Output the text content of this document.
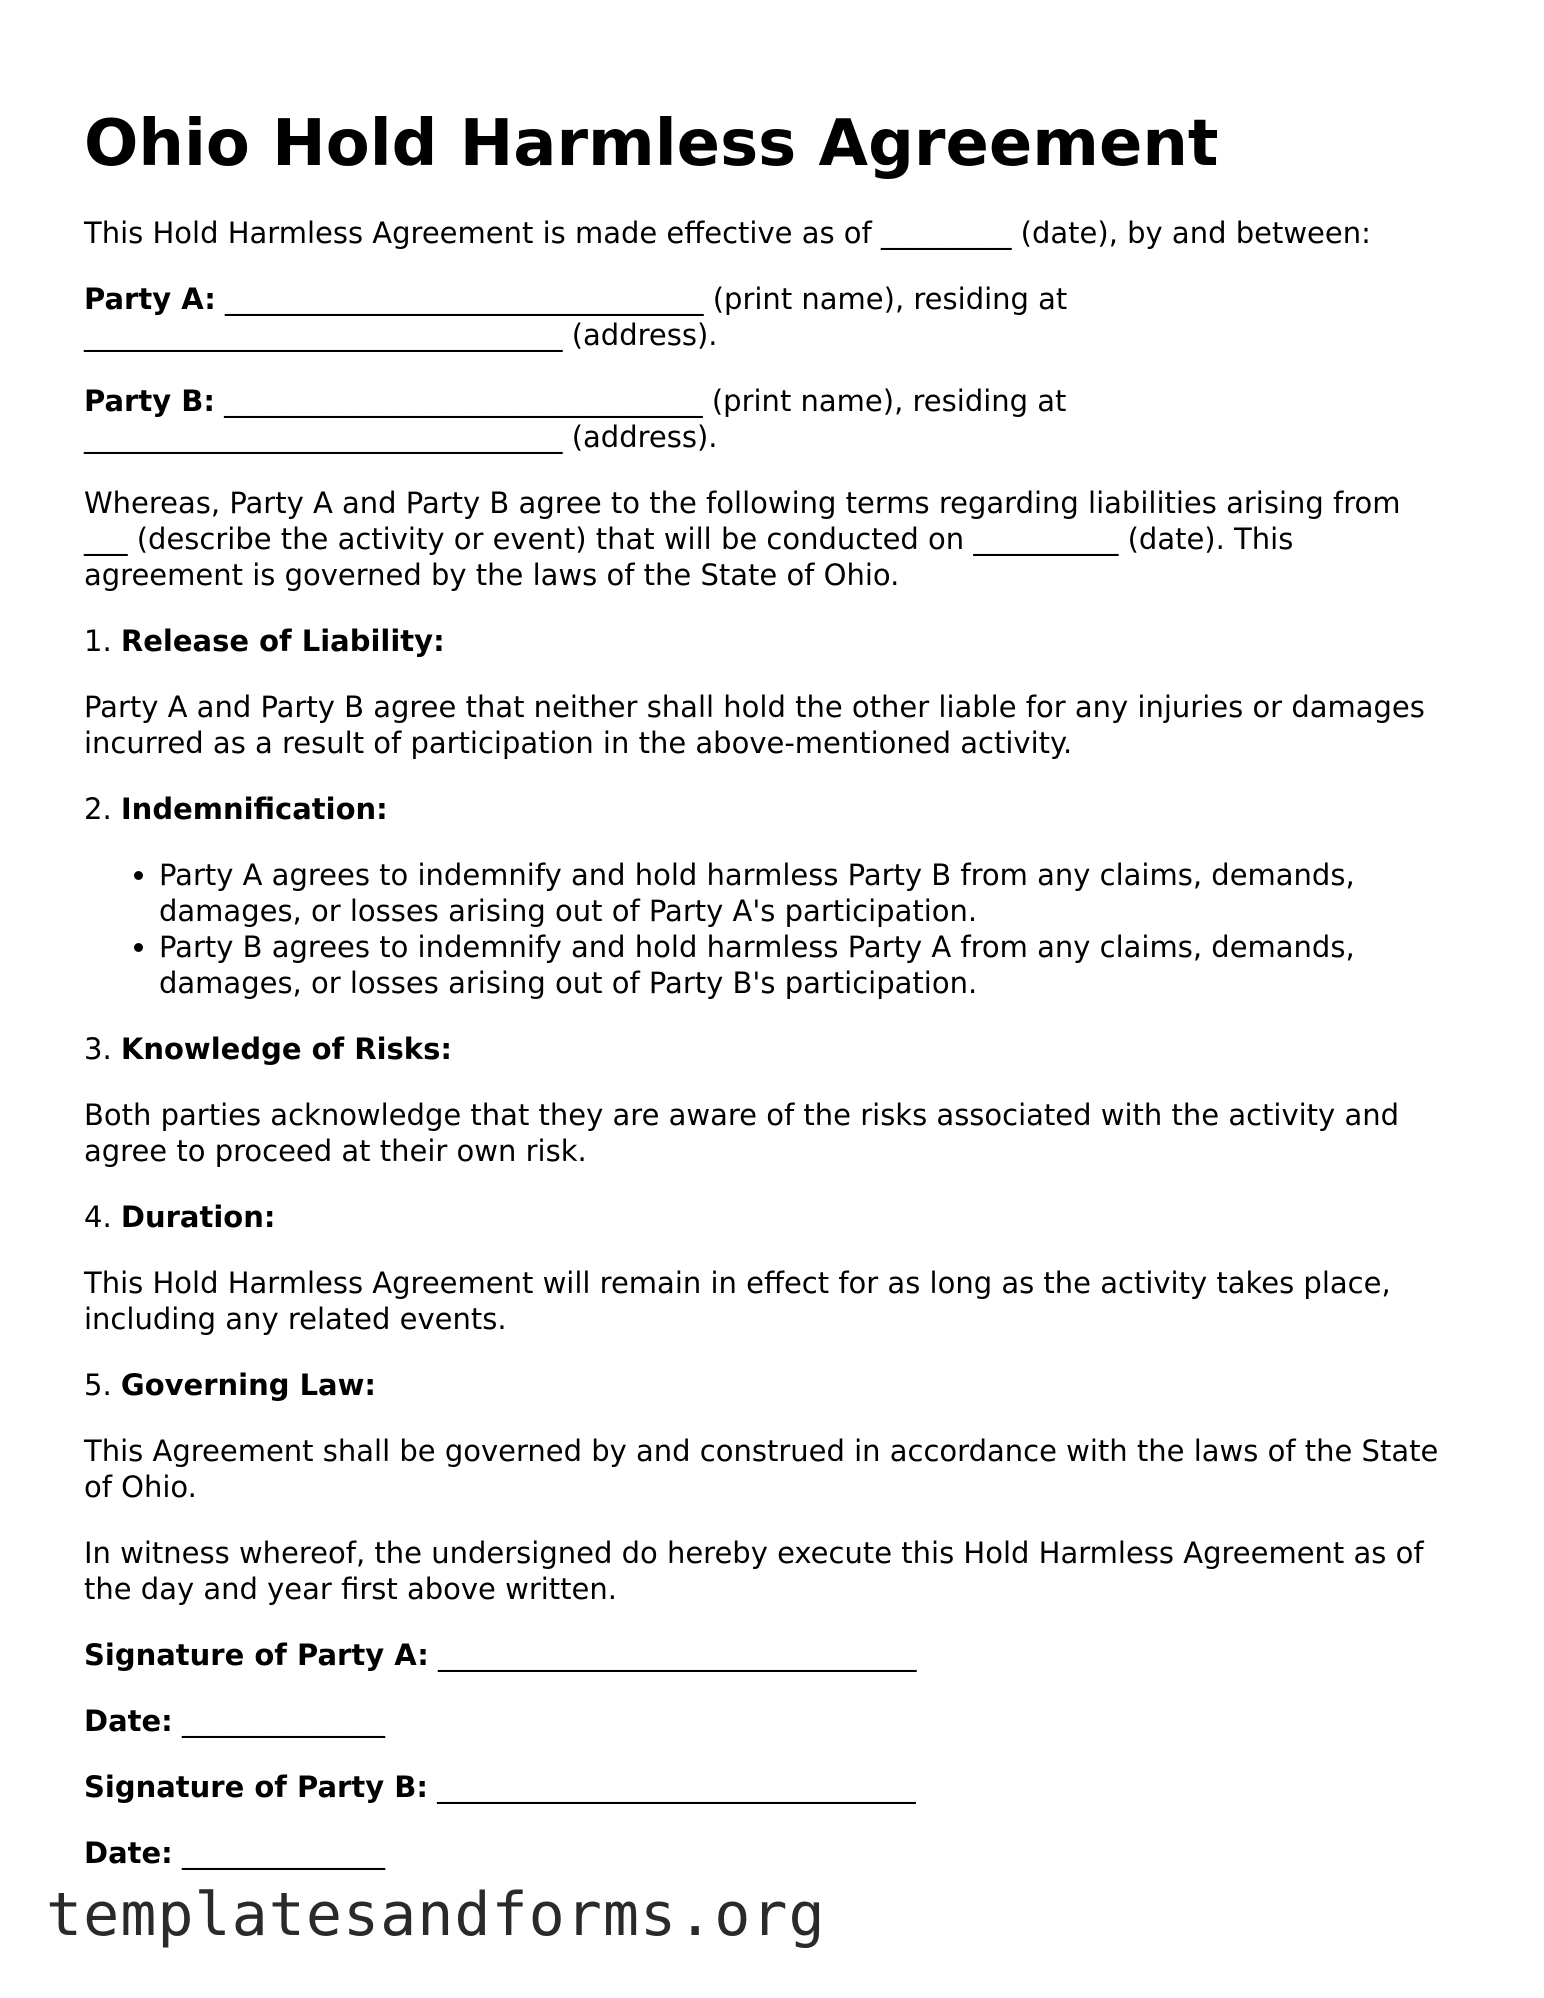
Ohio Hold Harmless Agreement

This Hold Harmless Agreement is made effective as of _________ (date), by and between:

Party A: _________________________________ (print name), residing at
_________________________________ (address).

Party B: _________________________________ (print name), residing at
_________________________________ (address).

Whereas, Party A and Party B agree to the following terms regarding liabilities arising from
___ (describe the activity or event) that will be conducted on __________ (date). This
agreement is governed by the laws of the State of Ohio.

1. Release of Liability:

Party A and Party B agree that neither shall hold the other liable for any injuries or damages incurred as a result of participation in the above-mentioned activity.

2. Indemnification:

• Party A agrees to indemnify and hold harmless Party B from any claims, demands, damages, or losses arising out of Party A's participation.
• Party B agrees to indemnify and hold harmless Party A from any claims, demands, damages, or losses arising out of Party B's participation.

3. Knowledge of Risks:

Both parties acknowledge that they are aware of the risks associated with the activity and agree to proceed at their own risk.

4. Duration:

This Hold Harmless Agreement will remain in effect for as long as the activity takes place, including any related events.

5. Governing Law:

This Agreement shall be governed by and construed in accordance with the laws of the State of Ohio.

In witness whereof, the undersigned do hereby execute this Hold Harmless Agreement as of the day and year first above written.

Signature of Party A: _________________________________

Date: ______________

Signature of Party B: _________________________________

Date: ______________

templatesandforms.org
